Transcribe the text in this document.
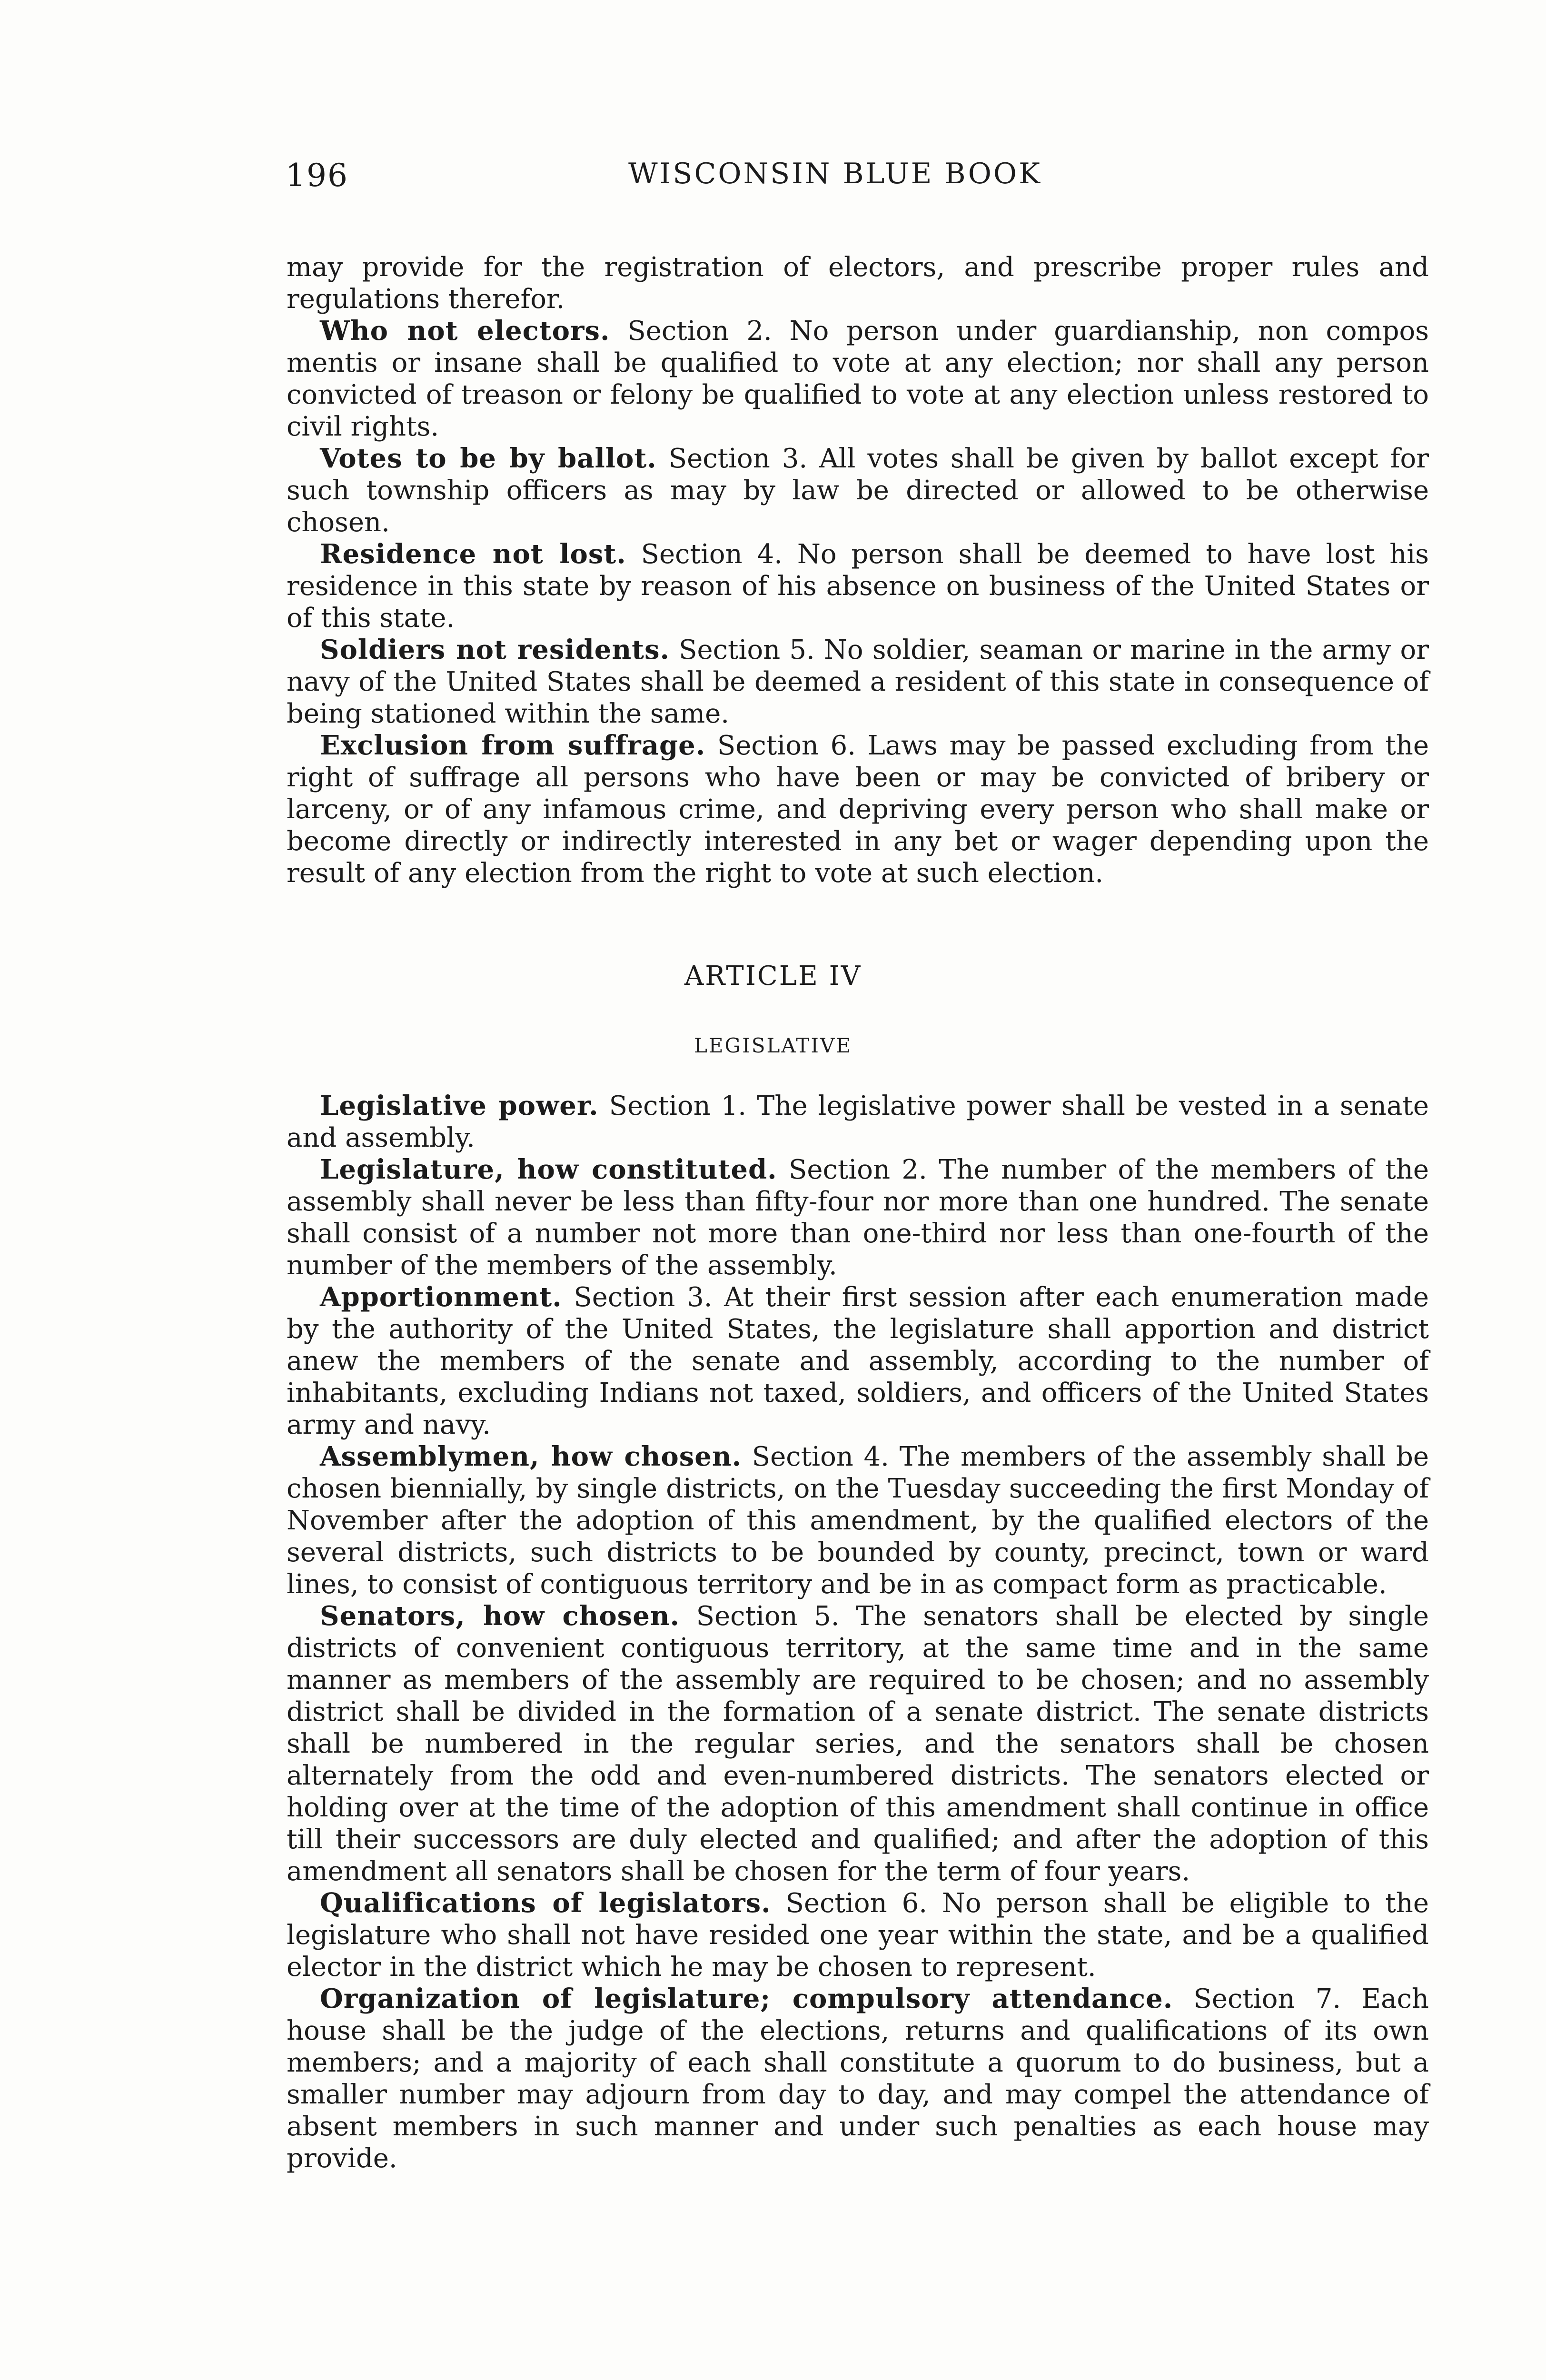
196	WISCONSIN BLUE BOOK

may provide for the registration of electors, and prescribe proper rules and regulations therefor.

Who not electors. Section 2. No person under guardianship, non compos mentis or insane shall be qualified to vote at any election; nor shall any person convicted of treason or felony be qualified to vote at any election unless restored to civil rights.

Votes to be by ballot. Section 3. All votes shall be given by ballot except for such township officers as may by law be directed or allowed to be otherwise chosen.

Residence not lost. Section 4. No person shall be deemed to have lost his residence in this state by reason of his absence on business of the United States or of this state.

Soldiers not residents. Section 5. No soldier, seaman or marine in the army or navy of the United States shall be deemed a resident of this state in consequence of being stationed within the same.

Exclusion from suffrage. Section 6. Laws may be passed excluding from the right of suffrage all persons who have been or may be convicted of bribery or larceny, or of any infamous crime, and depriving every person who shall make or become directly or indirectly interested in any bet or wager depending upon the result of any election from the right to vote at such election.

ARTICLE IV
LEGISLATIVE

Legislative power. Section 1. The legislative power shall be vested in a senate and assembly.

Legislature, how constituted. Section 2. The number of the members of the assembly shall never be less than fifty-four nor more than one hundred. The senate shall consist of a number not more than one-third nor less than one-fourth of the number of the members of the assembly.

Apportionment. Section 3. At their first session after each enumeration made by the authority of the United States, the legislature shall apportion and district anew the members of the senate and assembly, according to the number of inhabitants, excluding Indians not taxed, soldiers, and officers of the United States army and navy.

Assemblymen, how chosen. Section 4. The members of the assembly shall be chosen biennially, by single districts, on the Tuesday succeeding the first Monday of November after the adoption of this amendment, by the qualified electors of the several districts, such districts to be bounded by county, precinct, town or ward lines, to consist of contiguous territory and be in as compact form as practicable.

Senators, how chosen. Section 5. The senators shall be elected by single districts of convenient contiguous territory, at the same time and in the same manner as members of the assembly are required to be chosen; and no assembly district shall be divided in the formation of a senate district. The senate districts shall be numbered in the regular series, and the senators shall be chosen alternately from the odd and even-numbered districts. The senators elected or holding over at the time of the adoption of this amendment shall continue in office till their successors are duly elected and qualified; and after the adoption of this amendment all senators shall be chosen for the term of four years.

Qualifications of legislators. Section 6. No person shall be eligible to the legislature who shall not have resided one year within the state, and be a qualified elector in the district which he may be chosen to represent.

Organization of legislature; compulsory attendance. Section 7. Each house shall be the judge of the elections, returns and qualifications of its own members; and a majority of each shall constitute a quorum to do business, but a smaller number may adjourn from day to day, and may compel the attendance of absent members in such manner and under such penalties as each house may provide.
